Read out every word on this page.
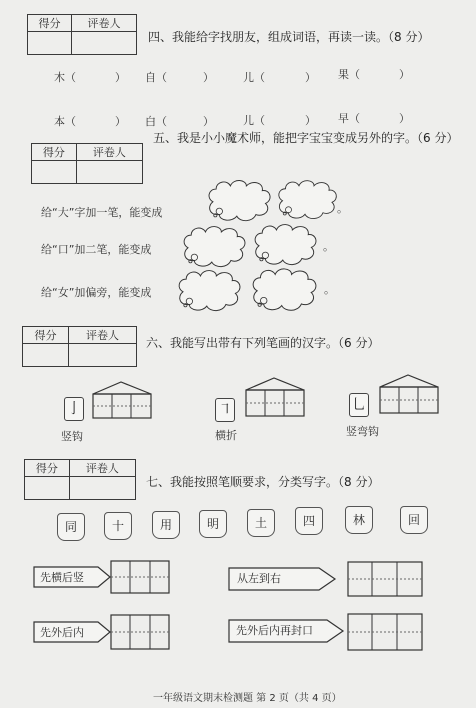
得分	评卷人

四、我能给字找朋友，组成词语，再读一读。（8 分）
木（	） 自（	）	儿（	） 果（	）
本（	） 白（	）	儿（	） 早（	）
得分	评卷人

五、我是小小魔术师，能把字宝宝变成另外的字。（6 分）
给“大”字加一笔，能变成
给“口”加二笔，能变成
给“女”加偏旁，能变成
。
。
。
得分	评卷人

六、我能写出带有下列笔画的汉字。（6 分）
亅
竖钩
㇕
横折
乚
竖弯钩
得分	评卷人

七、我能按照笔顺要求，分类写字。（8 分）
同	十	用	明	土	四	林	回
先横后竖	从左到右
先外后内	先外后内再封口
一年级语文期末检测题 第 2 页（共 4 页）
